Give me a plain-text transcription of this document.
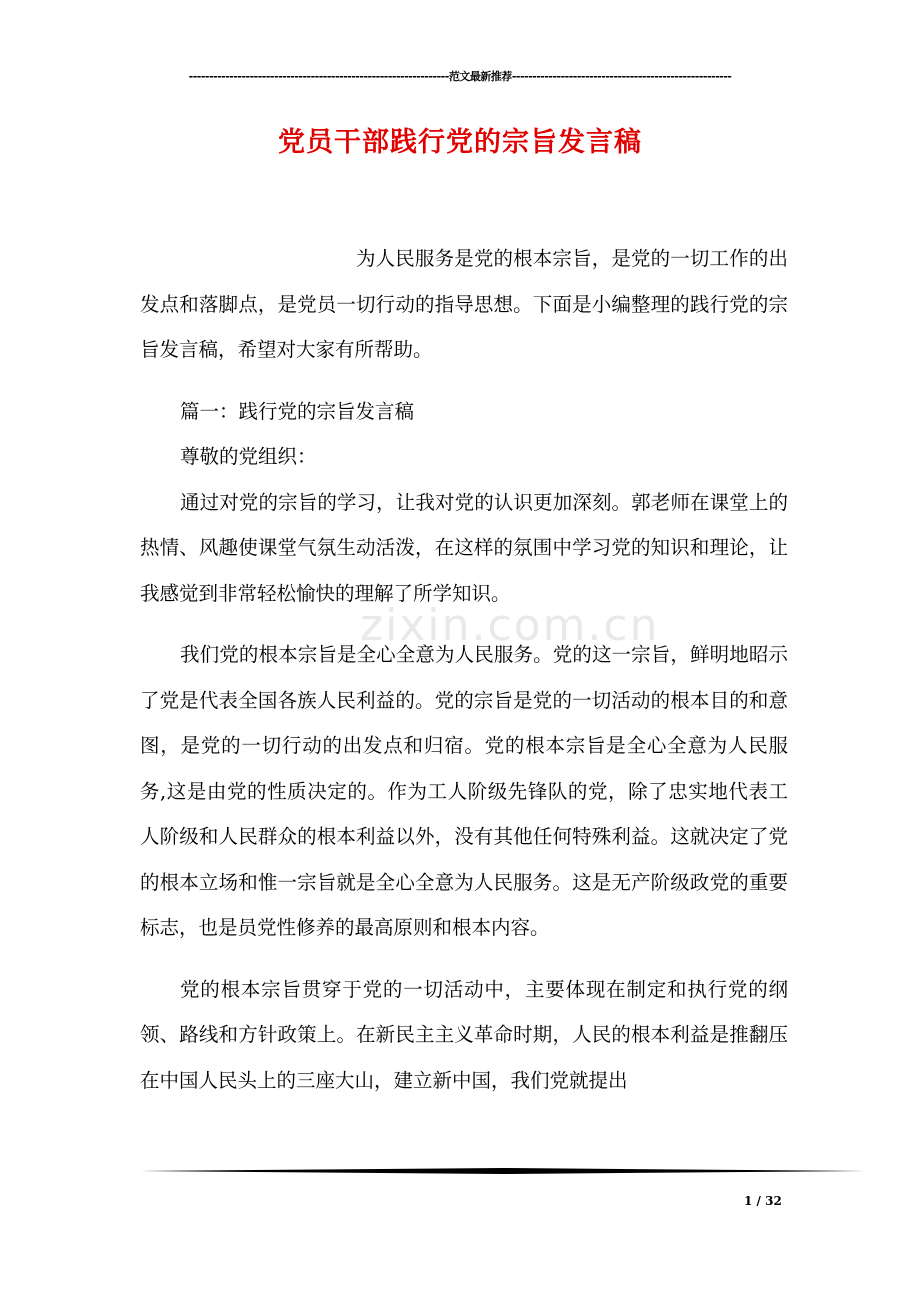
----------------------------------------------------------------范文最新推荐------------------------------------------------------
党员干部践行党的宗旨发言稿
zixin.com.cn

为人民服务是党的根本宗旨，是党的一切工作的出发点和落脚点，是党员一切行动的指导思想。下面是小编整理的践行党的宗旨发言稿，希望对大家有所帮助。

篇一：践行党的宗旨发言稿

尊敬的党组织：

通过对党的宗旨的学习，让我对党的认识更加深刻。郭老师在课堂上的热情、风趣使课堂气氛生动活泼，在这样的氛围中学习党的知识和理论，让我感觉到非常轻松愉快的理解了所学知识。

我们党的根本宗旨是全心全意为人民服务。党的这一宗旨，鲜明地昭示了党是代表全国各族人民利益的。党的宗旨是党的一切活动的根本目的和意图，是党的一切行动的出发点和归宿。党的根本宗旨是全心全意为人民服务,这是由党的性质决定的。作为工人阶级先锋队的党，除了忠实地代表工人阶级和人民群众的根本利益以外，没有其他任何特殊利益。这就决定了党的根本立场和惟一宗旨就是全心全意为人民服务。这是无产阶级政党的重要标志，也是员党性修养的最高原则和根本内容。

党的根本宗旨贯穿于党的一切活动中，主要体现在制定和执行党的纲领、路线和方针政策上。在新民主主义革命时期，人民的根本利益是推翻压在中国人民头上的三座大山，建立新中国，我们党就提出

1 / 32
